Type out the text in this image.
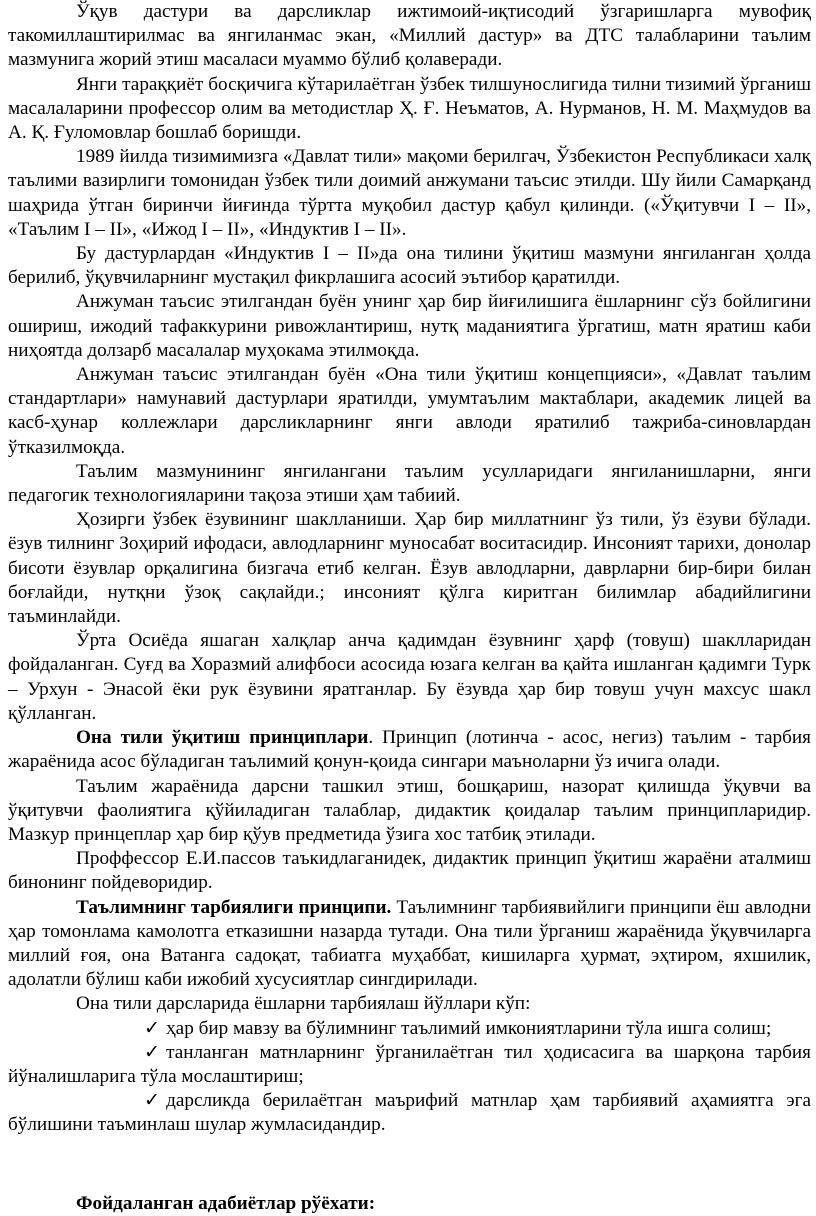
Ўқув дастури ва дарсликлар ижтимоий-иқтисодий ўзгаришларга мувофиқ такомиллаштирилмас ва янгиланмас экан, «Миллий дастур» ва ДТС талабларини таълим мазмунига жорий этиш масаласи муаммо бўлиб қолаверади.

Янги тараққиёт босқичига кўтарилаётган ўзбек тилшунослигида тилни тизимий ўрганиш масалаларини профессор олим ва методистлар Ҳ. Ғ. Неъматов, А. Нурманов, Н. М. Маҳмудов ва А. Қ. Ғуломовлар бошлаб боришди.

1989 йилда тизимимизга «Давлат тили» мақоми берилгач, Ўзбекистон Республикаси халқ таълими вазирлиги томонидан ўзбек тили доимий анжумани таъсис этилди. Шу йили Самарқанд шаҳрида ўтган биринчи йиғинда тўртта муқобил дастур қабул қилинди. («Ўқитувчи I – II», «Таълим I – II», «Ижод I – II», «Индуктив I – II».

Бу дастурлардан «Индуктив I – II»да она тилини ўқитиш мазмуни янгиланган ҳолда берилиб, ўқувчиларнинг мустақил фикрлашига асосий эътибор қаратилди.

Анжуман таъсис этилгандан буён унинг ҳар бир йиғилишига ёшларнинг сўз бойлигини ошириш, ижодий тафаккурини ривожлантириш, нутқ маданиятига ўргатиш, матн яратиш каби ниҳоятда долзарб масалалар муҳокама этилмоқда.

Анжуман таъсис этилгандан буён «Она тили ўқитиш концепцияси», «Давлат таълим стандартлари» намунавий дастурлари яратилди, умумтаълим мактаблари, академик лицей ва касб-ҳунар коллежлари дарсликларнинг янги авлоди яратилиб тажриба-синовлардан ўтказилмоқда.

Таълим мазмунининг янгилангани таълим усулларидаги янгиланишларни, янги педагогик технологияларини тақоза этиши ҳам табиий.

Ҳозирги ўзбек ёзувининг шаклланиши. Ҳар бир миллатнинг ўз тили, ўз ёзуви бўлади. ёзув тилнинг Зоҳирий ифодаси, авлодларнинг муносабат воситасидир. Инсоният тарихи, донолар бисоти ёзувлар орқалигина бизгача етиб келган. Ёзув авлодларни, даврларни бир-бири билан боғлайди, нутқни ўзоқ сақлайди.; инсоният қўлга киритган билимлар абадийлигини таъминлайди.

Ўрта Осиёда яшаган халқлар анча қадимдан ёзувнинг ҳарф (товуш) шаклларидан фойдаланган. Суғд ва Хоразмий алифбоси асосида юзага келган ва қайта ишланган қадимги Турк – Урхун - Энасой ёки рук ёзувини яратганлар. Бу ёзувда ҳар бир товуш учун махсус шакл қўлланган.

Она тили ўқитиш принциплари. Принцип (лотинча - асос, негиз) таълим - тарбия жараёнида асос бўладиган таълимий қонун-қоида сингари маъноларни ўз ичига олади.

Таълим жараёнида дарсни ташкил этиш, бошқариш, назорат қилишда ўқувчи ва ўқитувчи фаолиятига қўйиладиган талаблар, дидактик қоидалар таълим принципларидир. Мазкур принцеплар ҳар бир қўув предметида ўзига хос татбиқ этилади.

Проффессор Е.И.пассов таъкидлаганидек, дидактик принцип ўқитиш жараёни аталмиш бинонинг пойдеворидир.

Таълимнинг тарбиялиги принципи. Таълимнинг тарбиявийлиги принципи ёш авлодни ҳар томонлама камолотга етказишни назарда тутади. Она тили ўрганиш жараёнида ўқувчиларга миллий ғоя, она Ватанга садоқат, табиатга муҳаббат, кишиларга ҳурмат, эҳтиром, яхшилик, адолатли бўлиш каби ижобий хусусиятлар сингдирилади.

Она тили дарсларида ёшларни тарбиялаш йўллари кўп:

✓ ҳар бир мавзу ва бўлимнинг таълимий имкониятларини тўла ишга солиш;
✓ танланган матнларнинг ўрганилаётган тил ҳодисасига ва шарқона тарбия йўналишларига тўла мослаштириш;
✓ дарсликда берилаётган маърифий матнлар ҳам тарбиявий аҳамиятга эга бўлишини таъминлаш шулар жумласидандир.

Фойдаланган адабиётлар рўёхати:
